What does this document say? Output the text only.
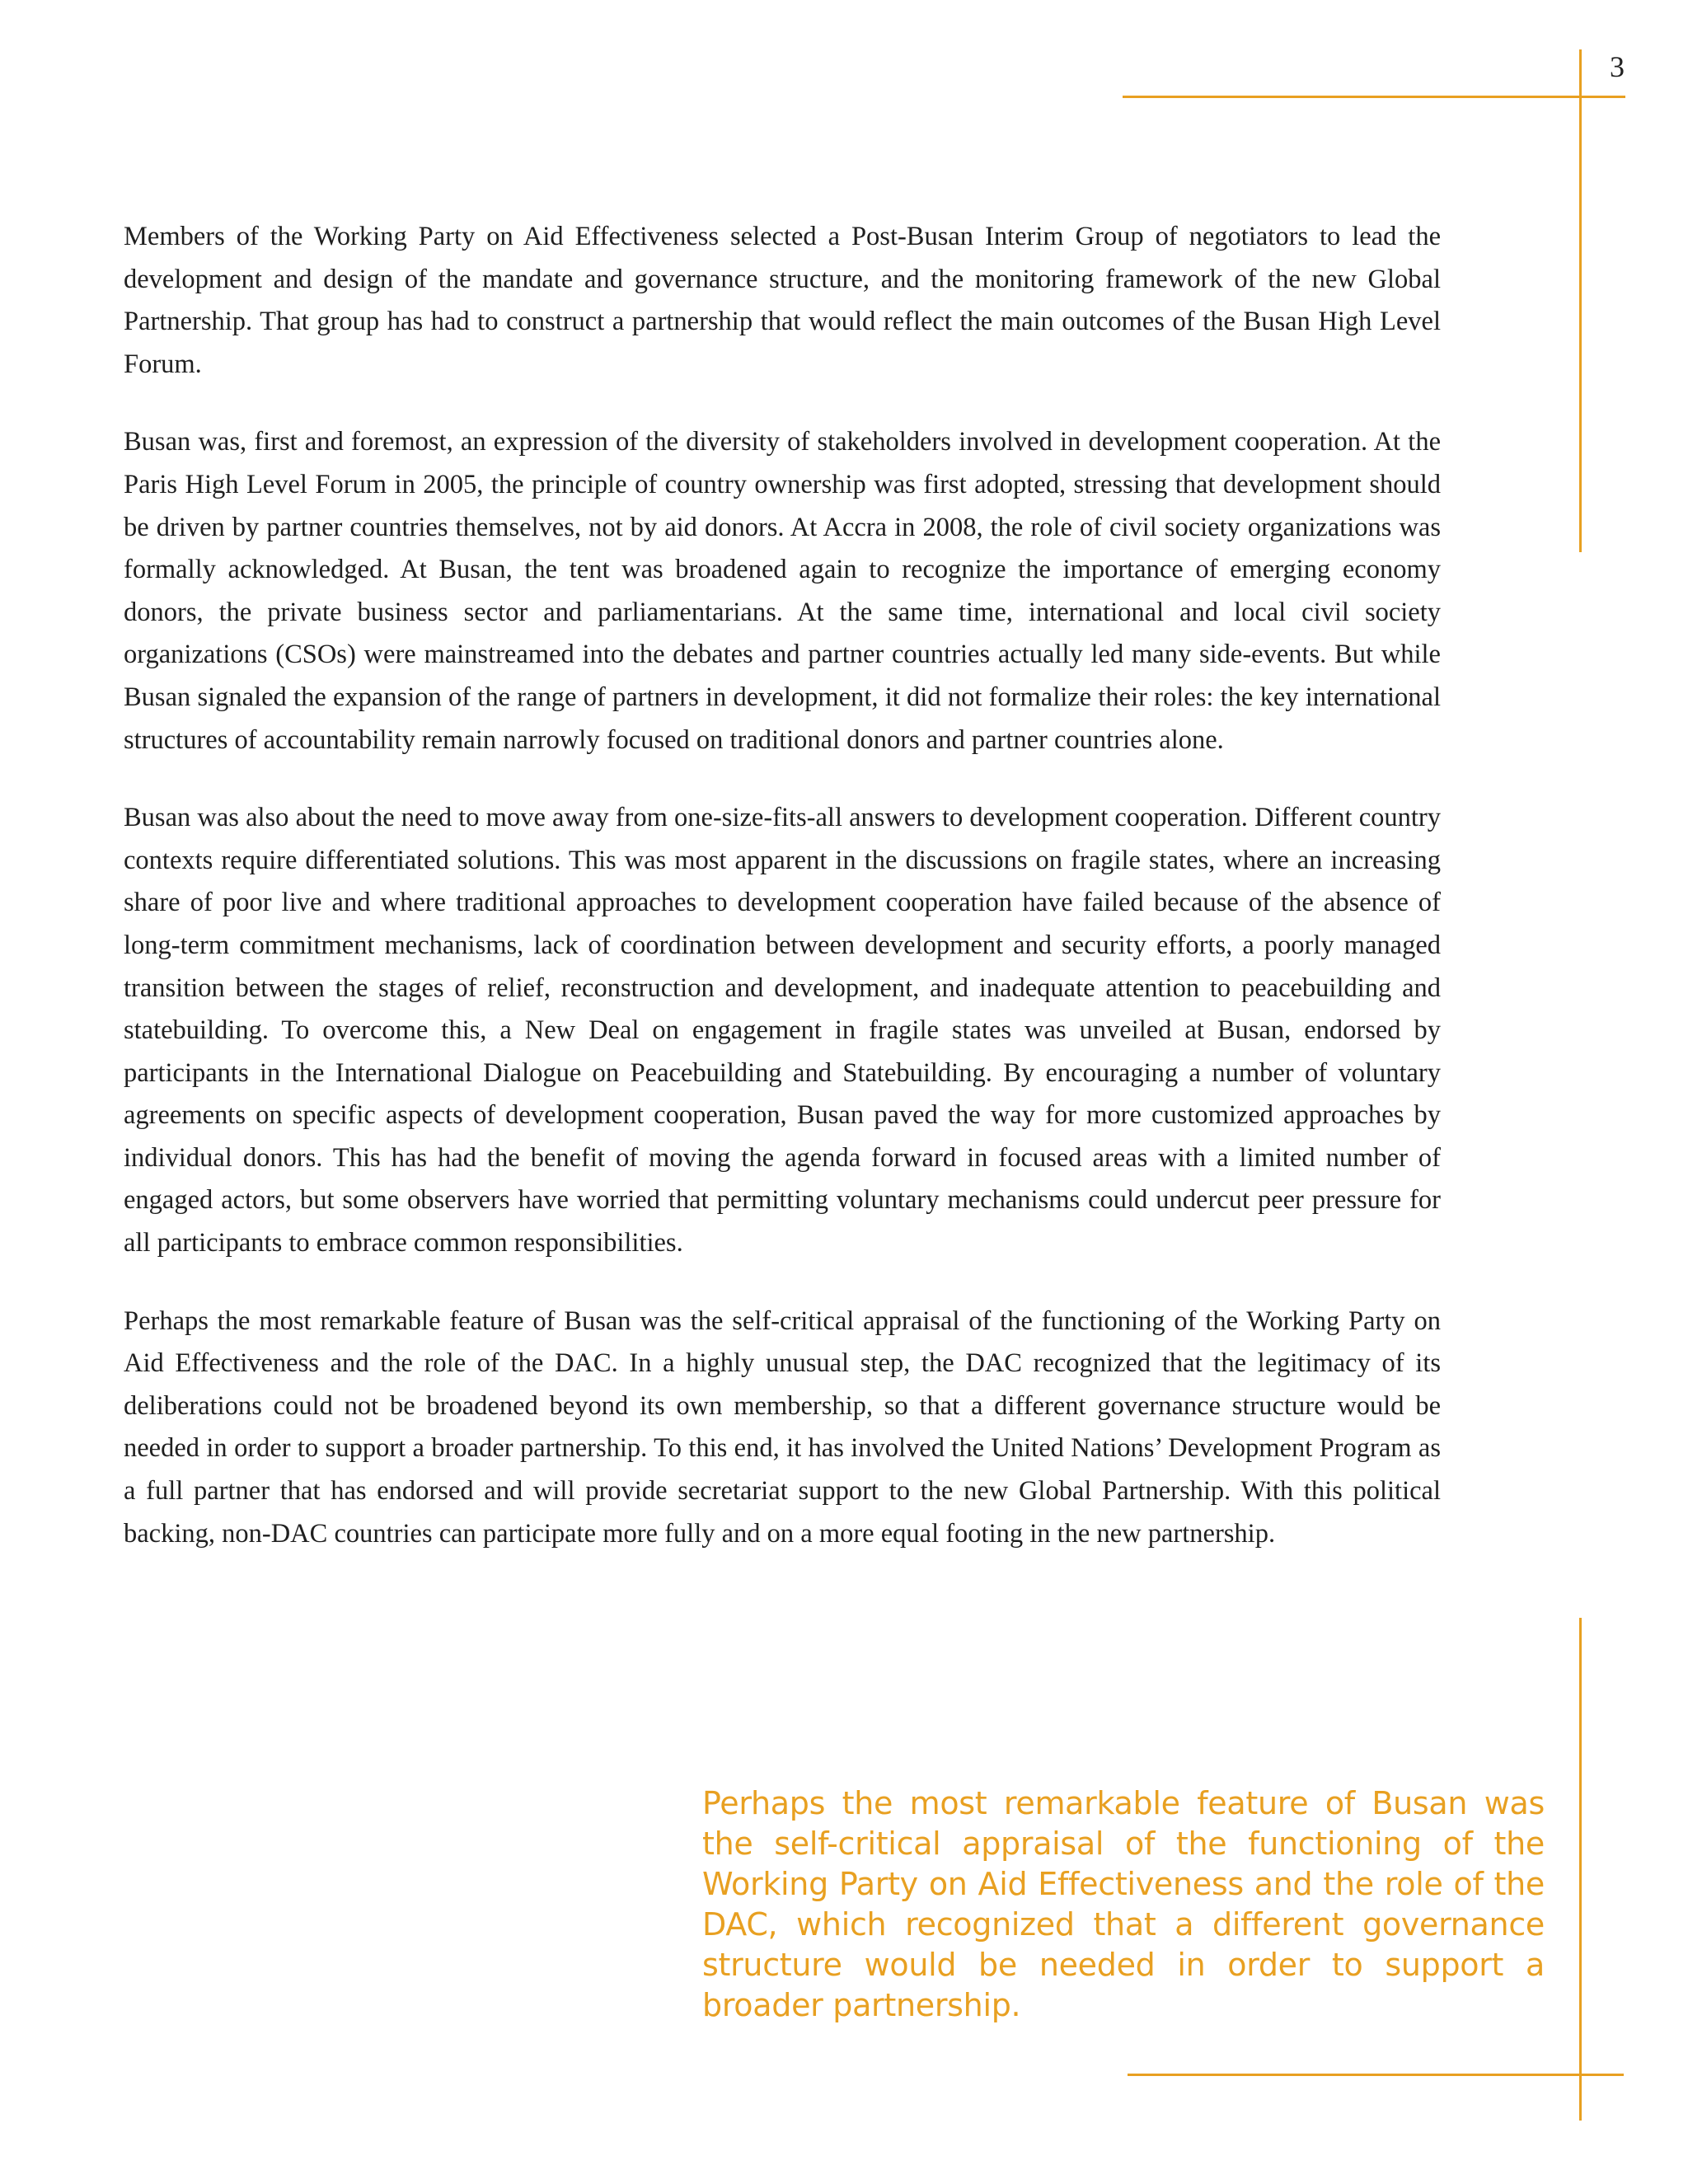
3

Members of the Working Party on Aid Effectiveness selected a Post-Busan Interim Group of negotiators to lead the development and design of the mandate and governance structure, and the monitoring framework of the new Global Partnership. That group has had to construct a partnership that would reflect the main outcomes of the Busan High Level Forum.

Busan was, first and foremost, an expression of the diversity of stakeholders involved in development cooperation. At the Paris High Level Forum in 2005, the principle of country ownership was first adopted, stressing that development should be driven by partner countries themselves, not by aid donors. At Accra in 2008, the role of civil society organizations was formally acknowledged. At Busan, the tent was broadened again to recognize the importance of emerging economy donors, the private business sector and parliamentarians. At the same time, international and local civil society organizations (CSOs) were mainstreamed into the debates and partner countries actually led many side-events. But while Busan signaled the expansion of the range of partners in development, it did not formalize their roles: the key international structures of accountability remain narrowly focused on traditional donors and partner countries alone.

Busan was also about the need to move away from one-size-fits-all answers to development cooperation. Different country contexts require differentiated solutions. This was most apparent in the discussions on fragile states, where an increasing share of poor live and where traditional approaches to development cooperation have failed because of the absence of long-term commitment mechanisms, lack of coordination between development and security efforts, a poorly managed transition between the stages of relief, reconstruction and development, and inadequate attention to peacebuilding and statebuilding. To overcome this, a New Deal on engagement in fragile states was unveiled at Busan, endorsed by participants in the International Dialogue on Peacebuilding and Statebuilding. By encouraging a number of voluntary agreements on specific aspects of development cooperation, Busan paved the way for more customized approaches by individual donors. This has had the benefit of moving the agenda forward in focused areas with a limited number of engaged actors, but some observers have worried that permitting voluntary mechanisms could undercut peer pressure for all participants to embrace common responsibilities.

Perhaps the most remarkable feature of Busan was the self-critical appraisal of the functioning of the Working Party on Aid Effectiveness and the role of the DAC. In a highly unusual step, the DAC recognized that the legitimacy of its deliberations could not be broadened beyond its own membership, so that a different governance structure would be needed in order to support a broader partnership. To this end, it has involved the United Nations’ Development Program as a full partner that has endorsed and will provide secretariat support to the new Global Partnership. With this political backing, non-DAC countries can participate more fully and on a more equal footing in the new partnership.

Perhaps the most remarkable feature of Busan was the self-critical appraisal of the functioning of the Working Party on Aid Effectiveness and the role of the DAC, which recognized that a different governance structure would be needed in order to support a broader partnership.
